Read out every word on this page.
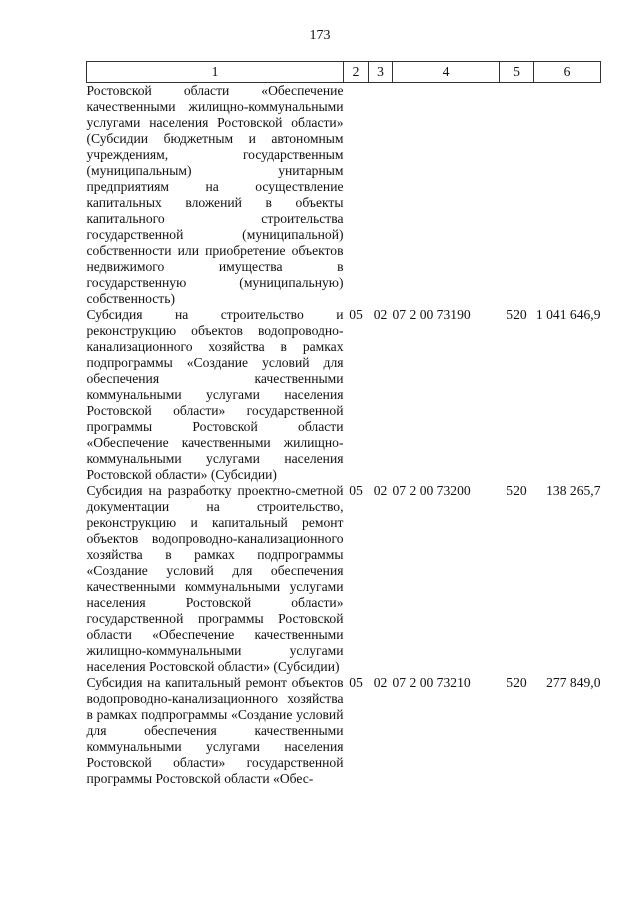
173
1	2	3	4	5	6
Ростовской области «Обеспечение качественными жилищно-коммунальными услугами населения Ростовской области» (Субсидии бюджетным и автономным учреждениям, государственным (муниципальным) унитарным предприятиям на осуществление капитальных вложений в объекты капитального строительства государственной (муниципальной) собственности или приобретение объектов недвижимого имущества в государственную (муниципальную) собственность)					
Субсидия на строительство и реконструкцию объектов водопроводно-канализационного хозяйства в рамках подпрограммы «Создание условий для обеспечения качественными коммунальными услугами населения Ростовской области» государственной программы Ростовской области «Обеспечение качественными жилищно-коммунальными услугами населения Ростовской области» (Субсидии)	05	02	07 2 00 73190	520	1 041 646,9
Субсидия на разработку проектно-сметной документации на строительство, реконструкцию и капитальный ремонт объектов водопроводно-канализационного хозяйства в рамках подпрограммы «Создание условий для обеспечения качественными коммунальными услугами населения Ростовской области» государственной программы Ростовской области «Обеспечение качественными жилищно-коммунальными услугами населения Ростовской области» (Субсидии)	05	02	07 2 00 73200	520	138 265,7
Субсидия на капитальный ремонт объектов водопроводно-канализационного хозяйства в рамках подпрограммы «Создание условий для обеспечения качественными коммунальными услугами населения Ростовской области» государственной программы Ростовской области «Обес-	05	02	07 2 00 73210	520	277 849,0
